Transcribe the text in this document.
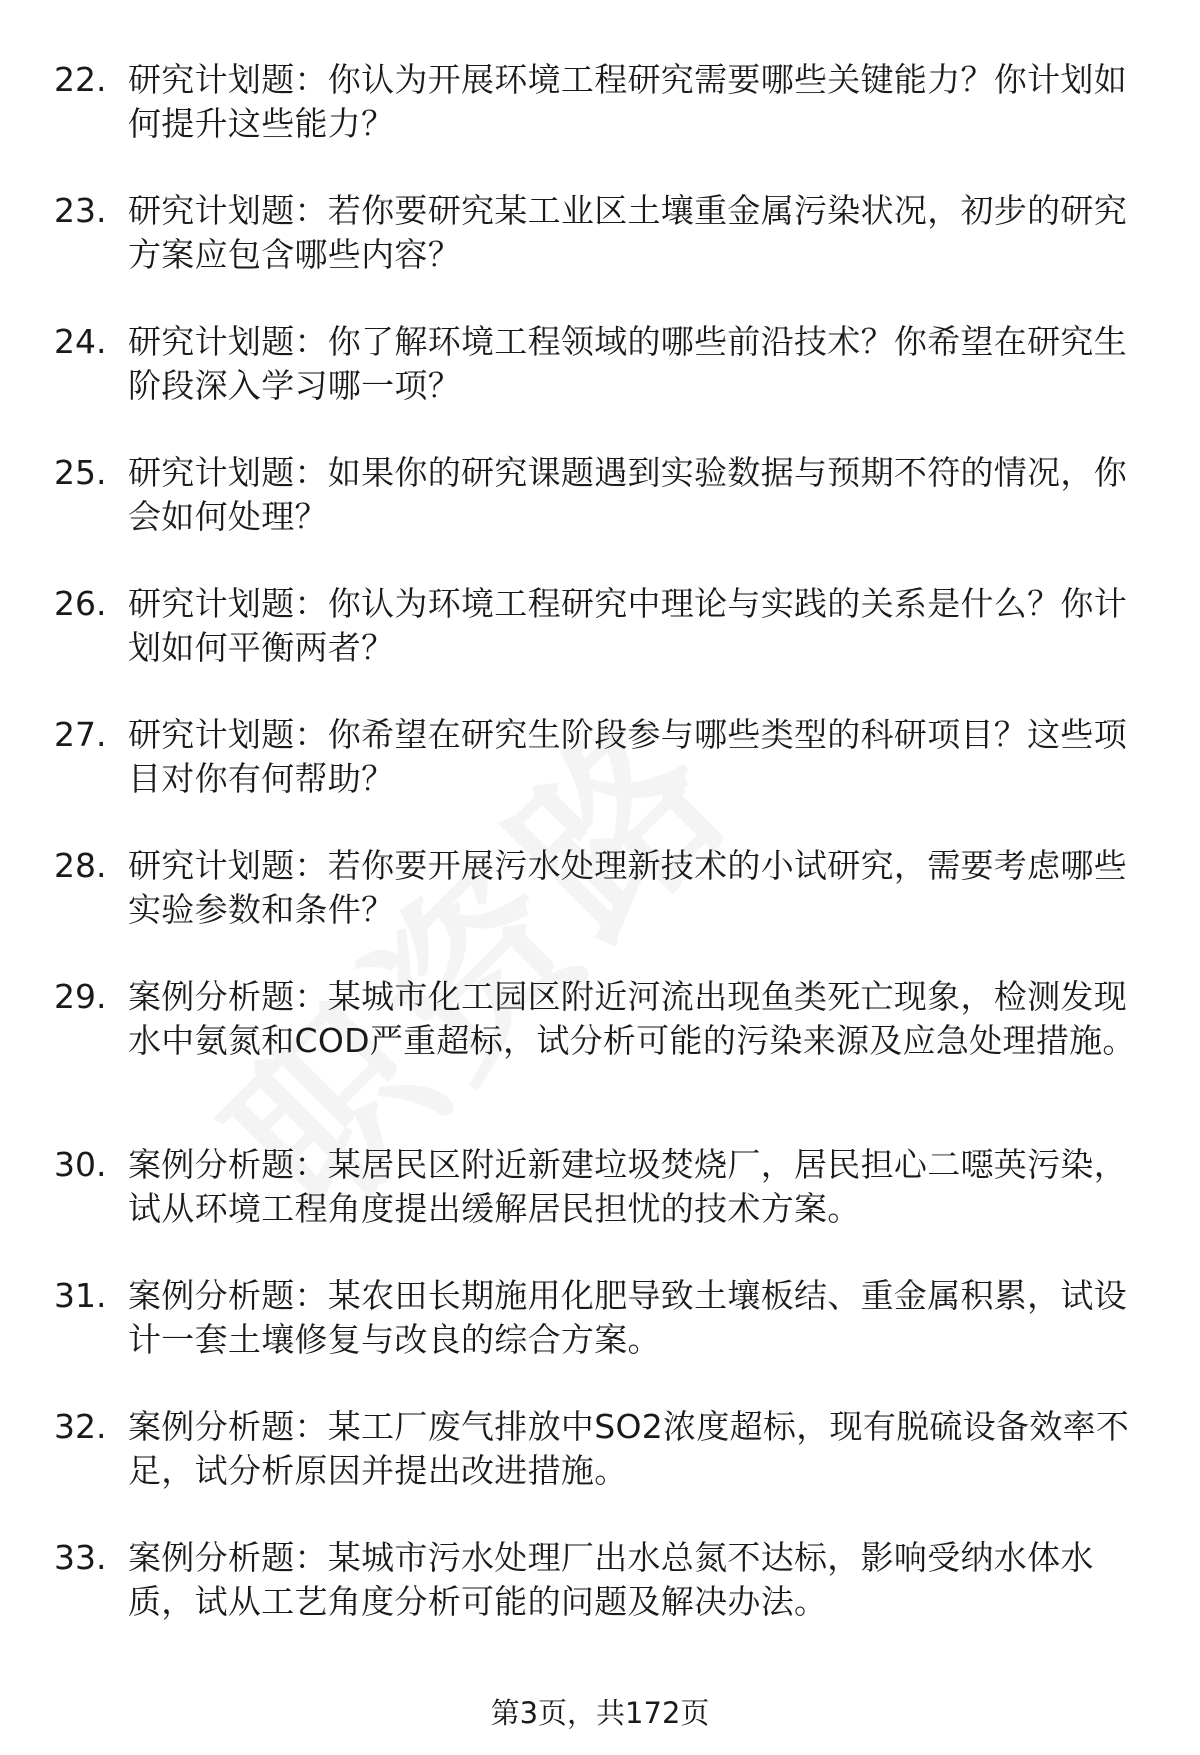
22. 研究计划题：你认为开展环境工程研究需要哪些关键能力？你计划如何提升这些能力？
23. 研究计划题：若你要研究某工业区土壤重金属污染状况，初步的研究方案应包含哪些内容？
24. 研究计划题：你了解环境工程领域的哪些前沿技术？你希望在研究生阶段深入学习哪一项？
25. 研究计划题：如果你的研究课题遇到实验数据与预期不符的情况，你会如何处理？
26. 研究计划题：你认为环境工程研究中理论与实践的关系是什么？你计划如何平衡两者？
27. 研究计划题：你希望在研究生阶段参与哪些类型的科研项目？这些项目对你有何帮助？
28. 研究计划题：若你要开展污水处理新技术的小试研究，需要考虑哪些实验参数和条件？
29. 案例分析题：某城市化工园区附近河流出现鱼类死亡现象，检测发现水中氨氮和COD严重超标，试分析可能的污染来源及应急处理措施。
30. 案例分析题：某居民区附近新建垃圾焚烧厂，居民担心二噁英污染，试从环境工程角度提出缓解居民担忧的技术方案。
31. 案例分析题：某农田长期施用化肥导致土壤板结、重金属积累，试设计一套土壤修复与改良的综合方案。
32. 案例分析题：某工厂废气排放中SO2浓度超标，现有脱硫设备效率不足，试分析原因并提出改进措施。
33. 案例分析题：某城市污水处理厂出水总氮不达标，影响受纳水体水质，试从工艺角度分析可能的问题及解决办法。
第3页，共172页
